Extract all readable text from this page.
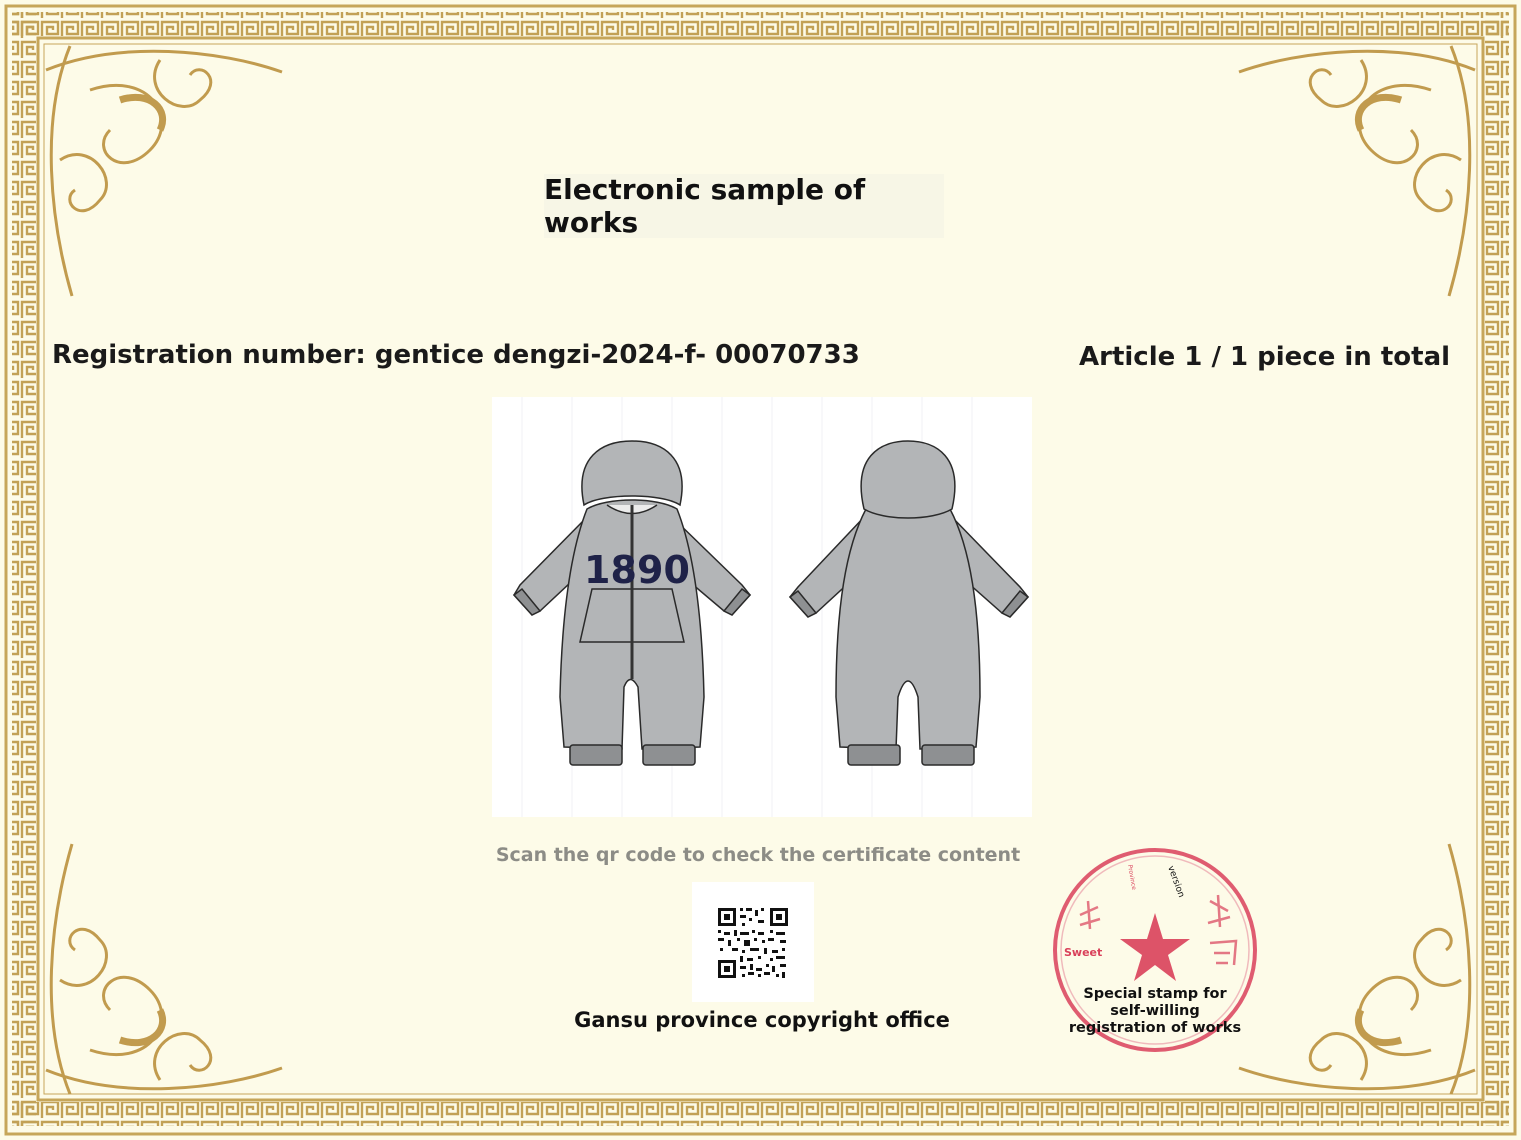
Electronic sample of works
Registration number: gentice dengzi-2024-f- 00070733	Article 1 / 1 piece in total
18 90
Scan the qr code to check the certificate content
Gansu province copyright office
Sweet
version
Province
Special stamp for
self-willing
registration of works
